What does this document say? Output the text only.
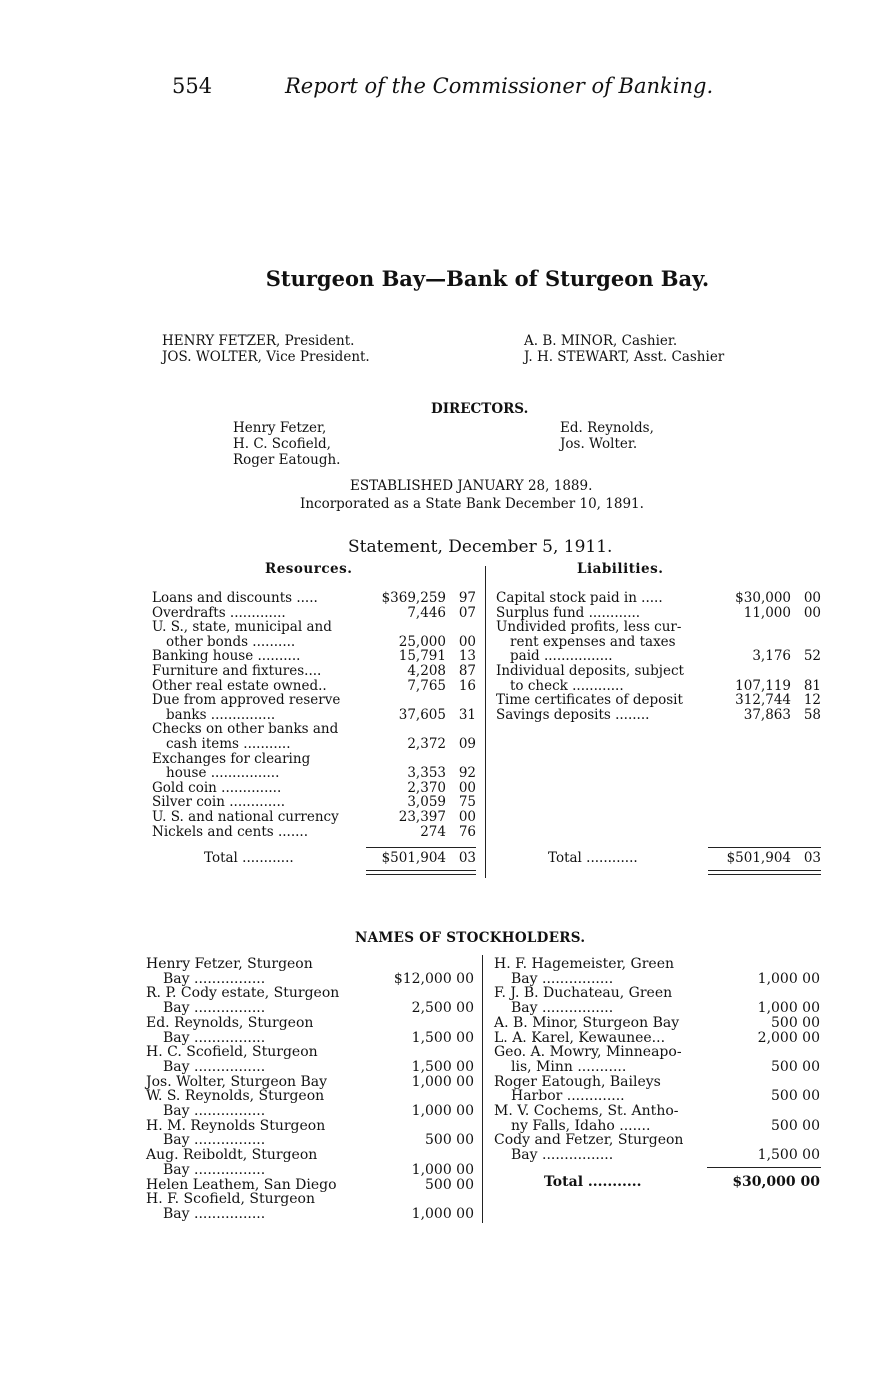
554	Report of the Commissioner of Banking.
Sturgeon Bay—Bank of Sturgeon Bay.
HENRY FETZER, President.
JOS. WOLTER, Vice President.
A. B. MINOR, Cashier.
J. H. STEWART, Asst. Cashier
DIRECTORS.
Henry Fetzer,
H. C. Scofield,
Roger Eatough.
Ed. Reynolds,
Jos. Wolter.
ESTABLISHED JANUARY 28, 1889.
Incorporated as a State Bank December 10, 1891.
Statement, December 5, 1911.
Resources.	Liabilities.
Loans and discounts .....	$369,259 97
Overdrafts .............	7,446 07
U. S., state, municipal and
other bonds ..........	25,000 00
Banking house ..........	15,791 13
Furniture and fixtures....	4,208 87
Other real estate owned..	7,765 16
Due from approved reserve
banks ...............	37,605 31
Checks on other banks and
cash items ...........	2,372 09
Exchanges for clearing
house ................	3,353 92
Gold coin ..............	2,370 00
Silver coin .............	3,059 75
U. S. and national currency	23,397 00
Nickels and cents .......	274 76
Total ............	$501,904 03
Capital stock paid in .....	$30,000 00
Surplus fund ............	11,000 00
Undivided profits, less cur-
rent expenses and taxes
paid ................	3,176 52
Individual deposits, subject
to check ............	107,119 81
Time certificates of deposit	312,744 12
Savings deposits ........	37,863 58
Total ............	$501,904 03
NAMES OF STOCKHOLDERS.
Henry Fetzer, Sturgeon
Bay ................	$12,000 00
R. P. Cody estate, Sturgeon
Bay ................	2,500 00
Ed. Reynolds, Sturgeon
Bay ................	1,500 00
H. C. Scofield, Sturgeon
Bay ................	1,500 00
Jos. Wolter, Sturgeon Bay	1,000 00
W. S. Reynolds, Sturgeon
Bay ................	1,000 00
H. M. Reynolds Sturgeon
Bay ................	500 00
Aug. Reiboldt, Sturgeon
Bay ................	1,000 00
Helen Leathem, San Diego	500 00
H. F. Scofield, Sturgeon
Bay ................	1,000 00
H. F. Hagemeister, Green
Bay ................	1,000 00
F. J. B. Duchateau, Green
Bay ................	1,000 00
A. B. Minor, Sturgeon Bay	500 00
L. A. Karel, Kewaunee...	2,000 00
Geo. A. Mowry, Minneapo-
lis, Minn ...........	500 00
Roger Eatough, Baileys
Harbor .............	500 00
M. V. Cochems, St. Antho-
ny Falls, Idaho .......	500 00
Cody and Fetzer, Sturgeon
Bay ................	1,500 00
Total ...........	$30,000 00
